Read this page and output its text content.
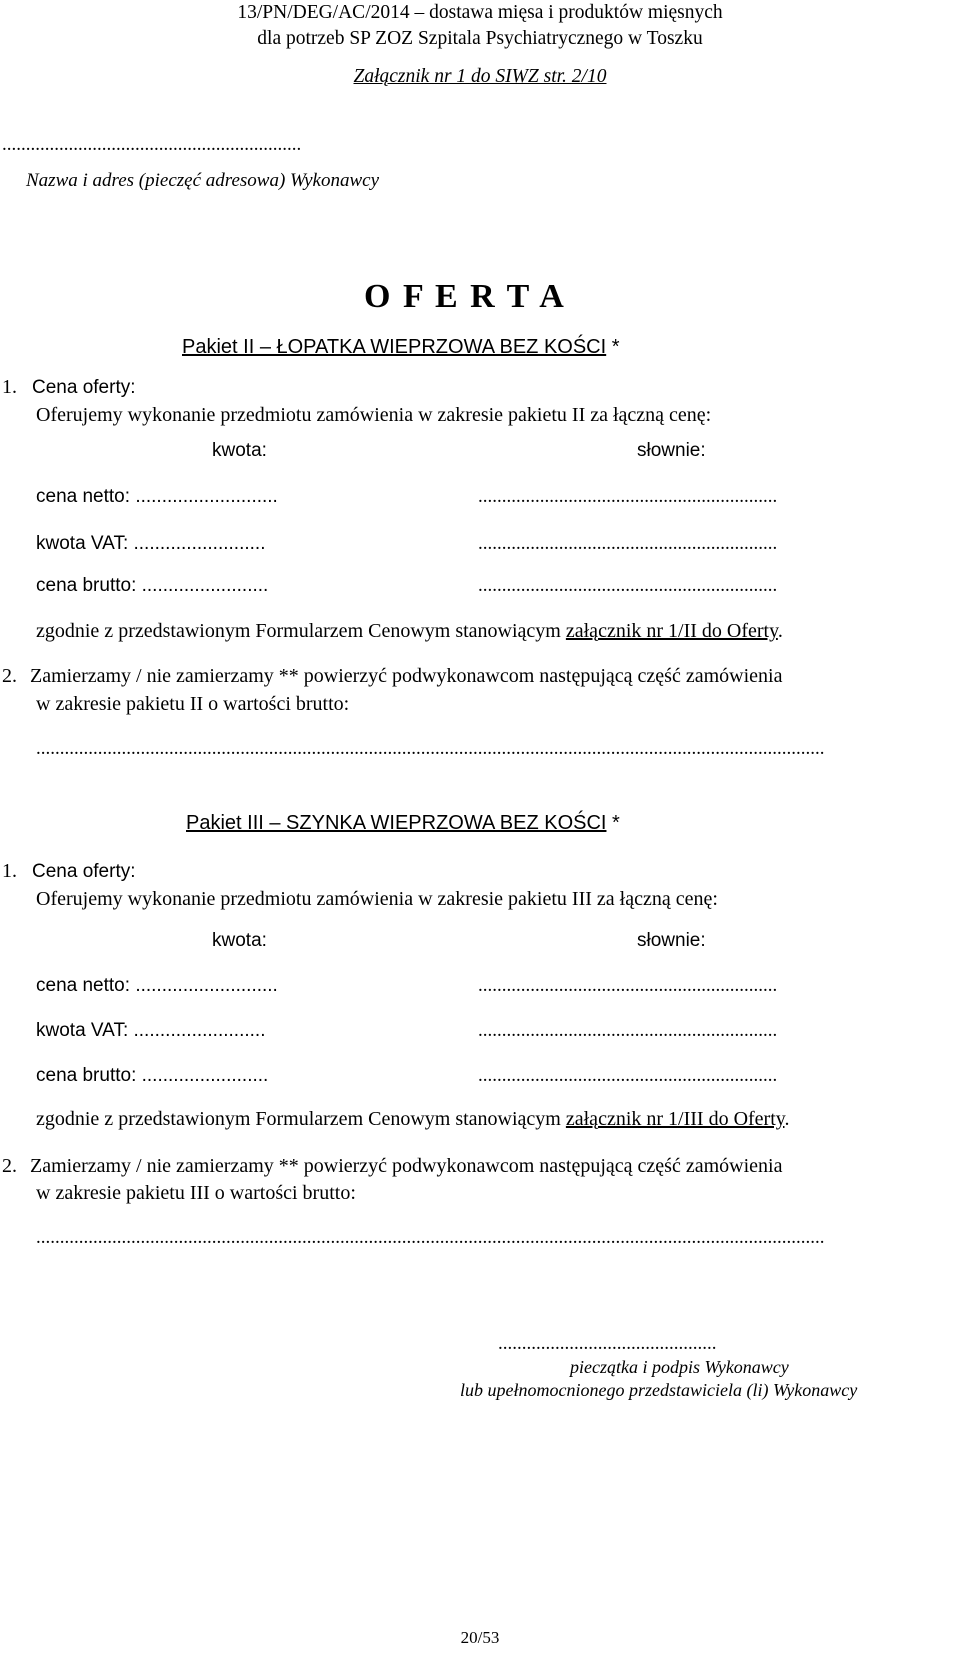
13/PN/DEG/AC/2014 – dostawa mięsa i produktów mięsnych
dla potrzeb SP ZOZ Szpitala Psychiatrycznego w Toszku
Załącznik nr 1 do SIWZ str. 2/10
...............................................................
Nazwa i adres (pieczęć adresowa) Wykonawcy
O F E R T A
Pakiet II – ŁOPATKA WIEPRZOWA BEZ KOŚCI *
1. Cena oferty:
Oferujemy wykonanie przedmiotu zamówienia w zakresie pakietu II za łączną cenę:
kwota:	słownie:
cena netto: ...........................	...............................................................
kwota VAT: .........................	...............................................................
cena brutto: ........................	...............................................................
zgodnie z przedstawionym Formularzem Cenowym stanowiącym załącznik nr 1/II do Oferty.
2. Zamierzamy / nie zamierzamy ** powierzyć podwykonawcom następującą część zamówienia
w zakresie pakietu II o wartości brutto:
......................................................................................................................................................................
Pakiet III – SZYNKA WIEPRZOWA BEZ KOŚCI *
1. Cena oferty:
Oferujemy wykonanie przedmiotu zamówienia w zakresie pakietu III za łączną cenę:
kwota:	słownie:
cena netto: ...........................	...............................................................
kwota VAT: .........................	...............................................................
cena brutto: ........................	...............................................................
zgodnie z przedstawionym Formularzem Cenowym stanowiącym załącznik nr 1/III do Oferty.
2. Zamierzamy / nie zamierzamy ** powierzyć podwykonawcom następującą część zamówienia
w zakresie pakietu III o wartości brutto:
......................................................................................................................................................................
..............................................
pieczątka i podpis Wykonawcy
lub upełnomocnionego przedstawiciela (li) Wykonawcy
20/53
